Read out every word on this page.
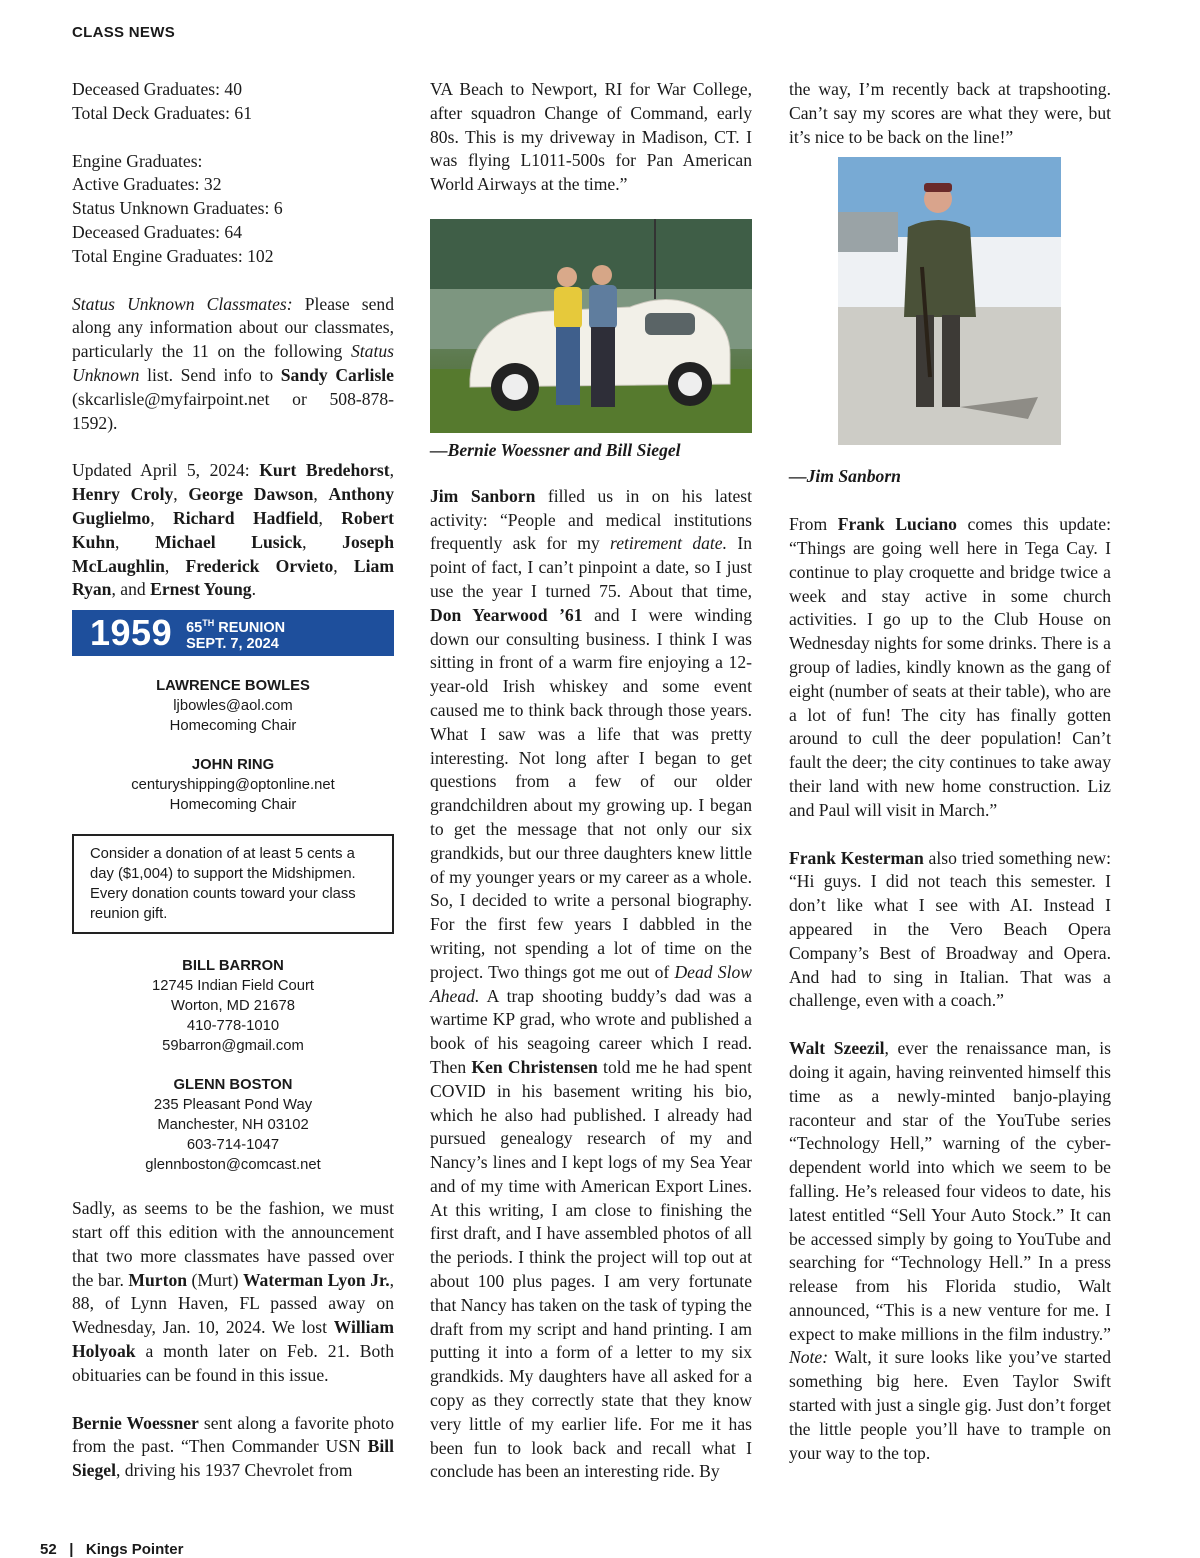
CLASS NEWS

Deceased Graduates: 40
Total Deck Graduates: 61

Engine Graduates:
Active Graduates: 32
Status Unknown Graduates: 6
Deceased Graduates: 64
Total Engine Graduates: 102

Status Unknown Classmates: Please send along any information about our classmates, particularly the 11 on the following Status Unknown list. Send info to Sandy Carlisle (skcarlisle@myfairpoint.net or 508-878-1592).

Updated April 5, 2024: Kurt Bredehorst, Henry Croly, George Dawson, Anthony Guglielmo, Richard Hadfield, Robert Kuhn, Michael Lusick, Joseph McLaughlin, Frederick Orvieto, Liam Ryan, and Ernest Young.

1959 65TH REUNION
SEPT. 7, 2024
LAWRENCE BOWLES
ljbowles@aol.com
Homecoming Chair
JOHN RING
centuryshipping@optonline.net
Homecoming Chair
Consider a donation of at least 5 cents a day ($1,004) to support the Midshipmen. Every donation counts toward your class reunion gift.
BILL BARRON
12745 Indian Field Court
Worton, MD 21678
410-778-1010
59barron@gmail.com
GLENN BOSTON
235 Pleasant Pond Way
Manchester, NH 03102
603-714-1047
glennboston@comcast.net

Sadly, as seems to be the fashion, we must start off this edition with the announcement that two more classmates have passed over the bar. Murton (Murt) Waterman Lyon Jr., 88, of Lynn Haven, FL passed away on Wednesday, Jan. 10, 2024. We lost William Holyoak a month later on Feb. 21. Both obituaries can be found in this issue.

Bernie Woessner sent along a favorite photo from the past. “Then Commander USN Bill Siegel, driving his 1937 Chevrolet from

VA Beach to Newport, RI for War College, after squadron Change of Command, early 80s. This is my driveway in Madison, CT. I was flying L1011-500s for Pan American World Airways at the time.”

—Bernie Woessner and Bill Siegel

Jim Sanborn filled us in on his latest activity: “People and medical institutions frequently ask for my retirement date. In point of fact, I can’t pinpoint a date, so I just use the year I turned 75. About that time, Don Yearwood ’61 and I were winding down our consulting business. I think I was sitting in front of a warm fire enjoying a 12-year-old Irish whiskey and some event caused me to think back through those years. What I saw was a life that was pretty interesting. Not long after I began to get questions from a few of our older grandchildren about my growing up. I began to get the message that not only our six grandkids, but our three daughters knew little of my younger years or my career as a whole. So, I decided to write a personal biography. For the first few years I dabbled in the writing, not spending a lot of time on the project. Two things got me out of Dead Slow Ahead. A trap shooting buddy’s dad was a wartime KP grad, who wrote and published a book of his seagoing career which I read. Then Ken Christensen told me he had spent COVID in his basement writing his bio, which he also had published. I already had pursued genealogy research of my and Nancy’s lines and I kept logs of my Sea Year and of my time with American Export Lines. At this writing, I am close to finishing the first draft, and I have assembled photos of all the periods. I think the project will top out at about 100 plus pages. I am very fortunate that Nancy has taken on the task of typing the draft from my script and hand printing. I am putting it into a form of a letter to my six grandkids. My daughters have all asked for a copy as they correctly state that they know very little of my earlier life. For me it has been fun to look back and recall what I conclude has been an interesting ride. By

the way, I’m recently back at trapshooting. Can’t say my scores are what they were, but it’s nice to be back on the line!”

—Jim Sanborn

From Frank Luciano comes this update: “Things are going well here in Tega Cay. I continue to play croquette and bridge twice a week and stay active in some church activities. I go up to the Club House on Wednesday nights for some drinks. There is a group of ladies, kindly known as the gang of eight (number of seats at their table), who are a lot of fun! The city has finally gotten around to cull the deer population! Can’t fault the deer; the city continues to take away their land with new home construction. Liz and Paul will visit in March.”

Frank Kesterman also tried something new: “Hi guys. I did not teach this semester. I don’t like what I see with AI. Instead I appeared in the Vero Beach Opera Company’s Best of Broadway and Opera. And had to sing in Italian. That was a challenge, even with a coach.”

Walt Szeezil, ever the renaissance man, is doing it again, having reinvented himself this time as a newly-minted banjo-playing raconteur and star of the YouTube series “Technology Hell,” warning of the cyber-dependent world into which we seem to be falling. He’s released four videos to date, his latest entitled “Sell Your Auto Stock.” It can be accessed simply by going to YouTube and searching for “Technology Hell.” In a press release from his Florida studio, Walt announced, “This is a new venture for me. I expect to make millions in the film industry.” Note: Walt, it sure looks like you’ve started something big here. Even Taylor Swift started with just a single gig. Just don’t forget the little people you’ll have to trample on your way to the top.

52 | Kings Pointer
